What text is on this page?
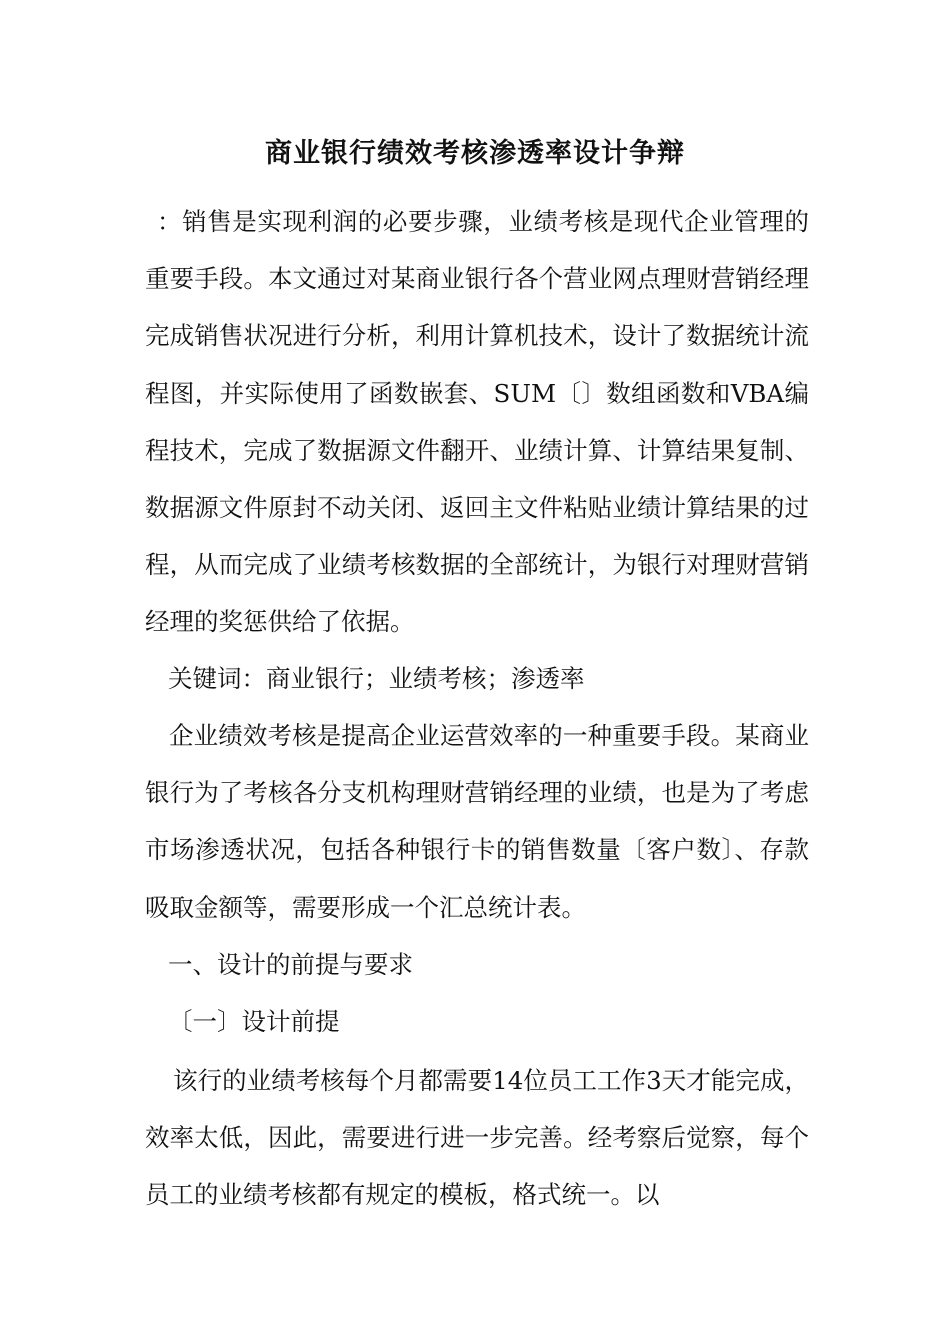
商业银行绩效考核渗透率设计争辩

：销售是实现利润的必要步骤，业绩考核是现代企业管理的重要手段。本文通过对某商业银行各个营业网点理财营销经理完成销售状况进行分析，利用计算机技术，设计了数据统计流程图，并实际使用了函数嵌套、SUM〔〕数组函数和VBA编程技术，完成了数据源文件翻开、业绩计算、计算结果复制、数据源文件原封不动关闭、返回主文件粘贴业绩计算结果的过程，从而完成了业绩考核数据的全部统计，为银行对理财营销经理的奖惩供给了依据。

关键词：商业银行；业绩考核；渗透率

企业绩效考核是提高企业运营效率的一种重要手段。某商业银行为了考核各分支机构理财营销经理的业绩，也是为了考虑市场渗透状况，包括各种银行卡的销售数量〔客户数〕、存款吸取金额等，需要形成一个汇总统计表。

一、设计的前提与要求

〔一〕设计前提

该行的业绩考核每个月都需要14位员工工作3天才能完成，效率太低，因此，需要进行进一步完善。经考察后觉察，每个员工的业绩考核都有规定的模板，格式统一。以
